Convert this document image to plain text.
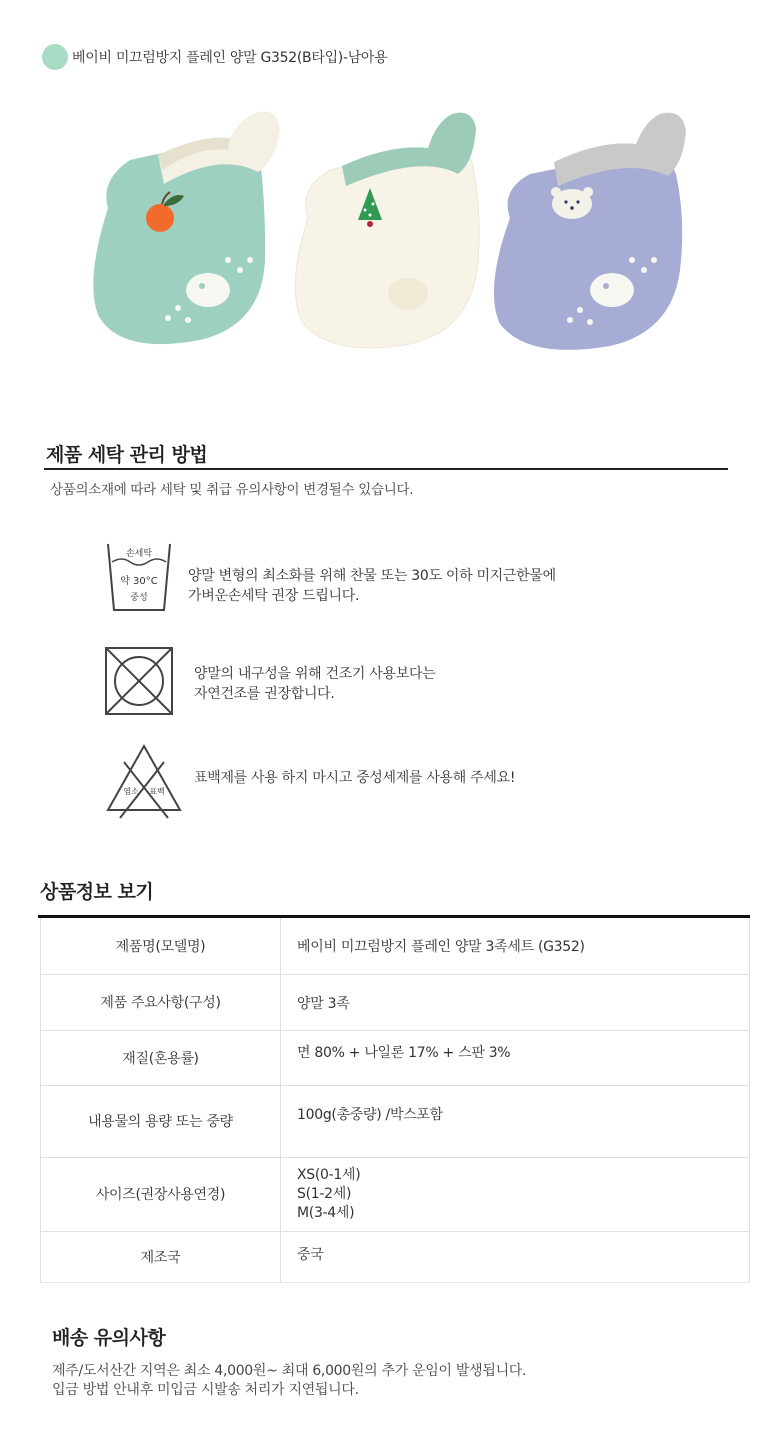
베이비 미끄럼방지 플레인 양말 G352(B타입)-남아용
제품 세탁 관리 방법
상품의소재에 따라 세탁 및 취급 유의사항이 변경될수 있습니다.
손세탁
약 30°C
중성
양말 변형의 최소화를 위해 찬물 또는 30도 이하 미지근한물에
가벼운손세탁 권장 드립니다.
양말의 내구성을 위해 건조기 사용보다는
자연건조를 권장합니다.
염소 표백
표백제를 사용 하지 마시고 중성세제를 사용해 주세요!
상품정보 보기
제품명(모델명)	베이비 미끄럼방지 플레인 양말 3족세트 (G352)

제품 주요사항(구성)	양말 3족

재질(혼용률)	면 80% + 나일론 17% + 스판 3%

내용물의 용량 또는 중량	100g(총중량) /박스포함

사이즈(권장사용연경)	XS(0-1세)
S(1-2세)
M(3-4세)

제조국	중국
배송 유의사항
제주/도서산간 지역은 최소 4,000원~ 최대 6,000원의 추가 운임이 발생됩니다.
입금 방법 안내후 미입금 시발송 처리가 지연됩니다.
